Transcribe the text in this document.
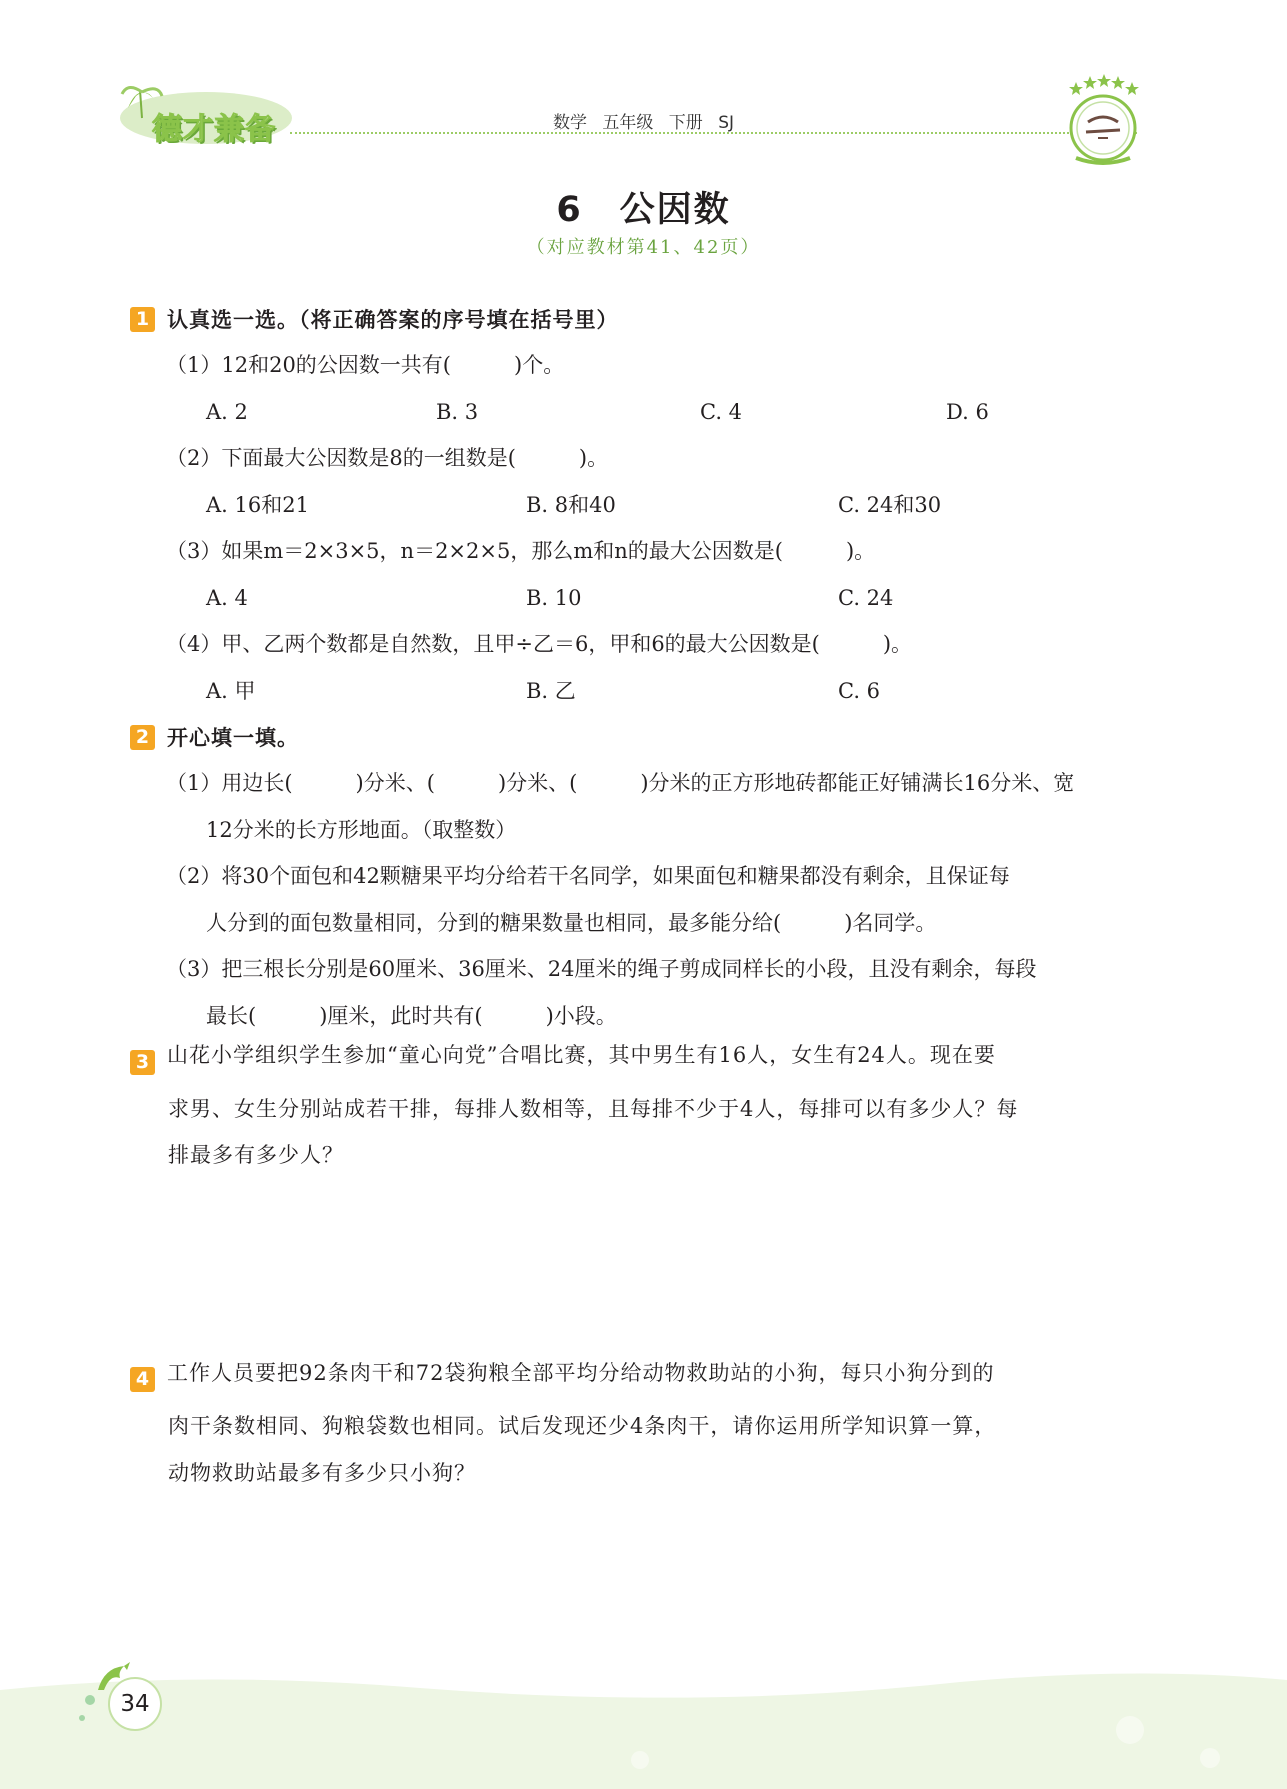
德才兼备	数学 五年级 下册 SJ
6　公因数
（对应教材第41、42页）
1 认真选一选。（将正确答案的序号填在括号里）
（1）12和20的公因数一共有(　　　)个。
A. 2	B. 3	C. 4	D. 6
（2）下面最大公因数是8的一组数是(　　　)。
A. 16和21	B. 8和40	C. 24和30
（3）如果m＝2×3×5，n＝2×2×5，那么m和n的最大公因数是(　　　)。
A. 4	B. 10	C. 24
（4）甲、乙两个数都是自然数，且甲÷乙＝6，甲和6的最大公因数是(　　　)。
A. 甲	B. 乙	C. 6
2 开心填一填。
（1）用边长(　　　)分米、(　　　)分米、(　　　)分米的正方形地砖都能正好铺满长16分米、宽
12分米的长方形地面。（取整数）
（2）将30个面包和42颗糖果平均分给若干名同学，如果面包和糖果都没有剩余，且保证每
人分到的面包数量相同，分到的糖果数量也相同，最多能分给(　　　)名同学。
（3）把三根长分别是60厘米、36厘米、24厘米的绳子剪成同样长的小段，且没有剩余，每段
最长(　　　)厘米，此时共有(　　　)小段。
3 山花小学组织学生参加“童心向党”合唱比赛，其中男生有16人，女生有24人。现在要
求男、女生分别站成若干排，每排人数相等，且每排不少于4人，每排可以有多少人？每
排最多有多少人？
4 工作人员要把92条肉干和72袋狗粮全部平均分给动物救助站的小狗，每只小狗分到的
肉干条数相同、狗粮袋数也相同。试后发现还少4条肉干，请你运用所学知识算一算，
动物救助站最多有多少只小狗？
34
